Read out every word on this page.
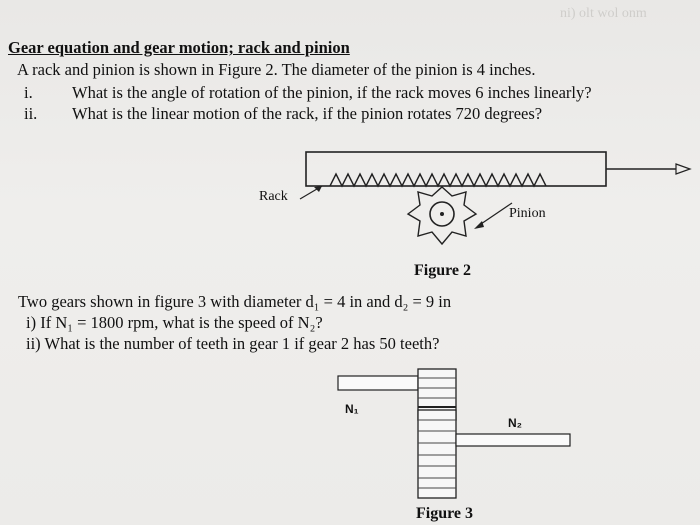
ni) olt wol onm
Gear equation and gear motion; rack and pinion
A rack and pinion is shown in Figure 2. The diameter of the pinion is 4 inches.
i. What is the angle of rotation of the pinion, if the rack moves 6 inches linearly?
ii. What is the linear motion of the rack, if the pinion rotates 720 degrees?
Rack
Pinion
Figure 2
Two gears shown in figure 3 with diameter d₁ = 4 in and d₂ = 9 in
i) If N₁ = 1800 rpm, what is the speed of N₂?
ii) What is the number of teeth in gear 1 if gear 2 has 50 teeth?
N₁
N₂
Figure 3
